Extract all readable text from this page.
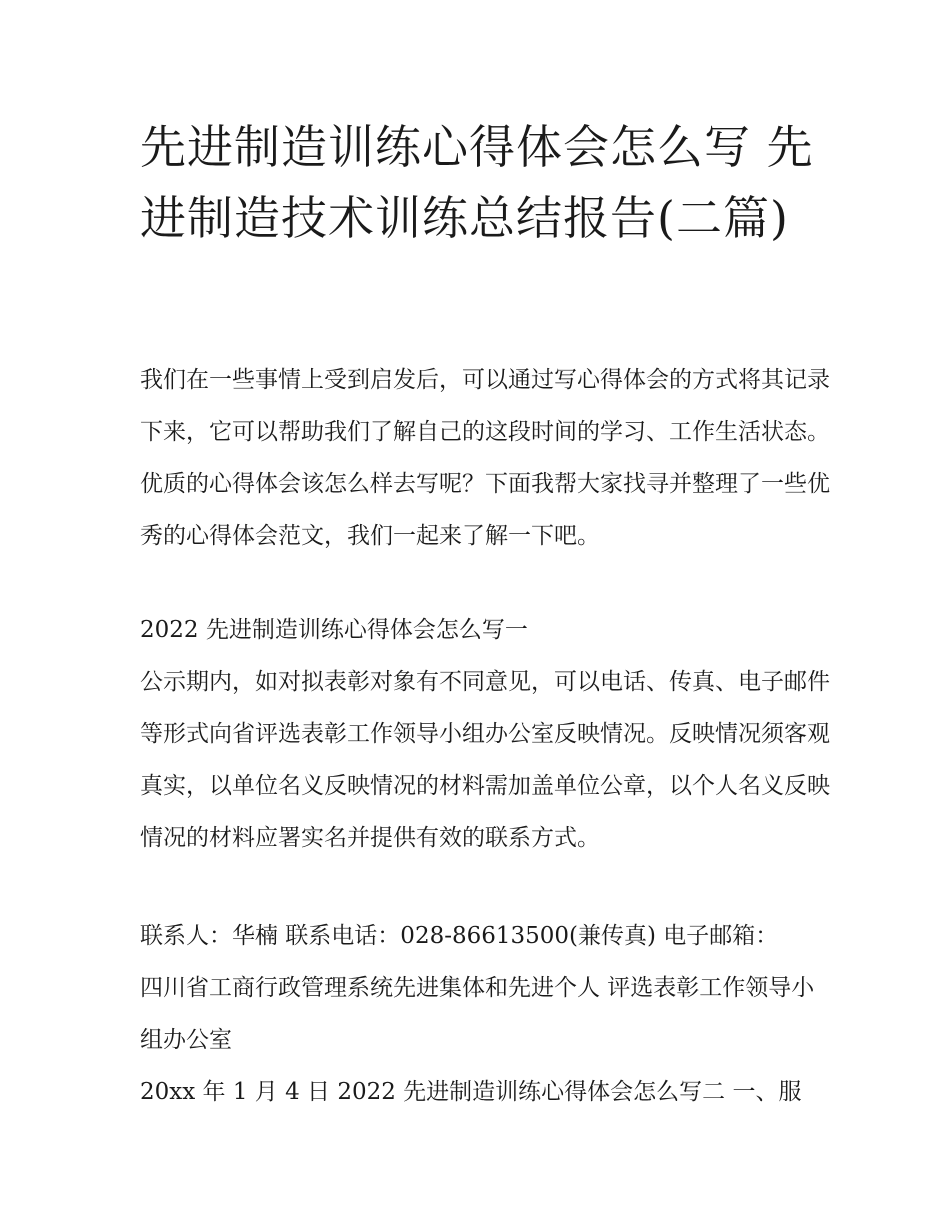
先进制造训练心得体会怎么写 先进制造技术训练总结报告(二篇)

我们在一些事情上受到启发后，可以通过写心得体会的方式将其记录下来，它可以帮助我们了解自己的这段时间的学习、工作生活状态。优质的心得体会该怎么样去写呢？下面我帮大家找寻并整理了一些优秀的心得体会范文，我们一起来了解一下吧。

2022 先进制造训练心得体会怎么写一

公示期内，如对拟表彰对象有不同意见，可以电话、传真、电子邮件等形式向省评选表彰工作领导小组办公室反映情况。反映情况须客观真实，以单位名义反映情况的材料需加盖单位公章，以个人名义反映情况的材料应署实名并提供有效的联系方式。

联系人：华楠 联系电话：028-86613500(兼传真) 电子邮箱：

四川省工商行政管理系统先进集体和先进个人 评选表彰工作领导小组办公室

20xx 年 1 月 4 日 2022 先进制造训练心得体会怎么写二 一、服
